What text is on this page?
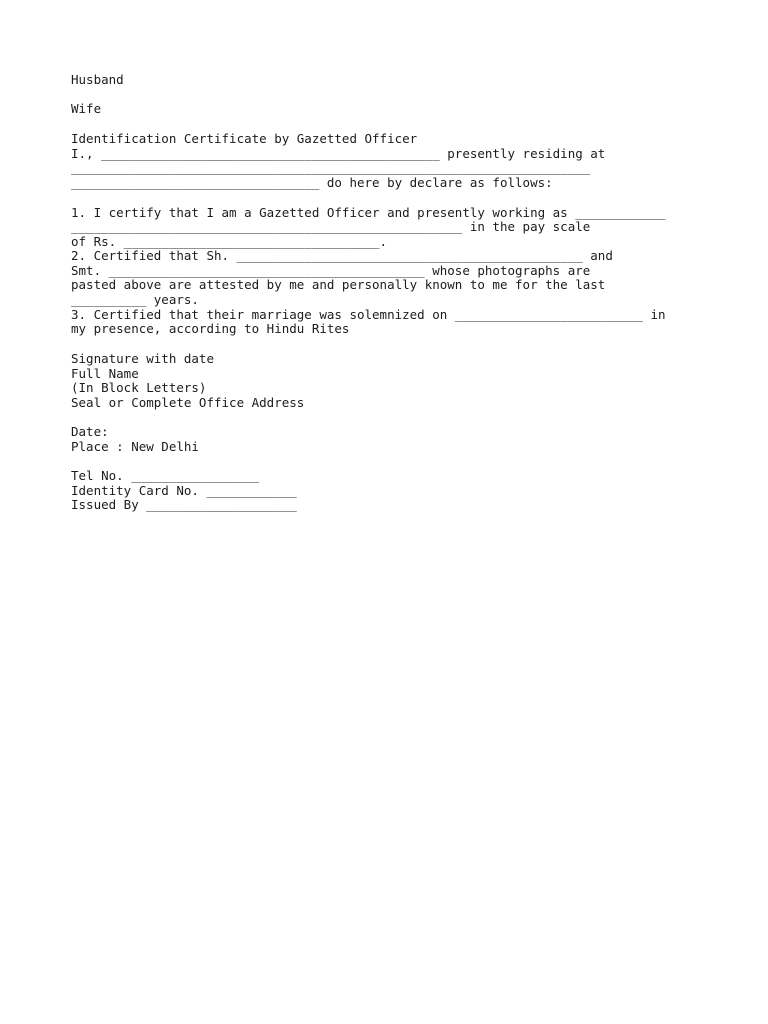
Husband

Wife

Identification Certificate by Gazetted Officer

I., _____________________________________________ presently residing at

_____________________________________________________________________

_________________________________ do here by declare as follows:

1. I certify that I am a Gazetted Officer and presently working as ____________

____________________________________________________ in the pay scale

of Rs. __________________________________.

2. Certified that Sh. ______________________________________________ and

Smt. __________________________________________ whose photographs are

pasted above are attested by me and personally known to me for the last

__________ years.

3. Certified that their marriage was solemnized on _________________________ in

my presence, according to Hindu Rites

Signature with date

Full Name

(In Block Letters)

Seal or Complete Office Address

Date:

Place : New Delhi

Tel No. _________________

Identity Card No. ____________

Issued By ____________________
